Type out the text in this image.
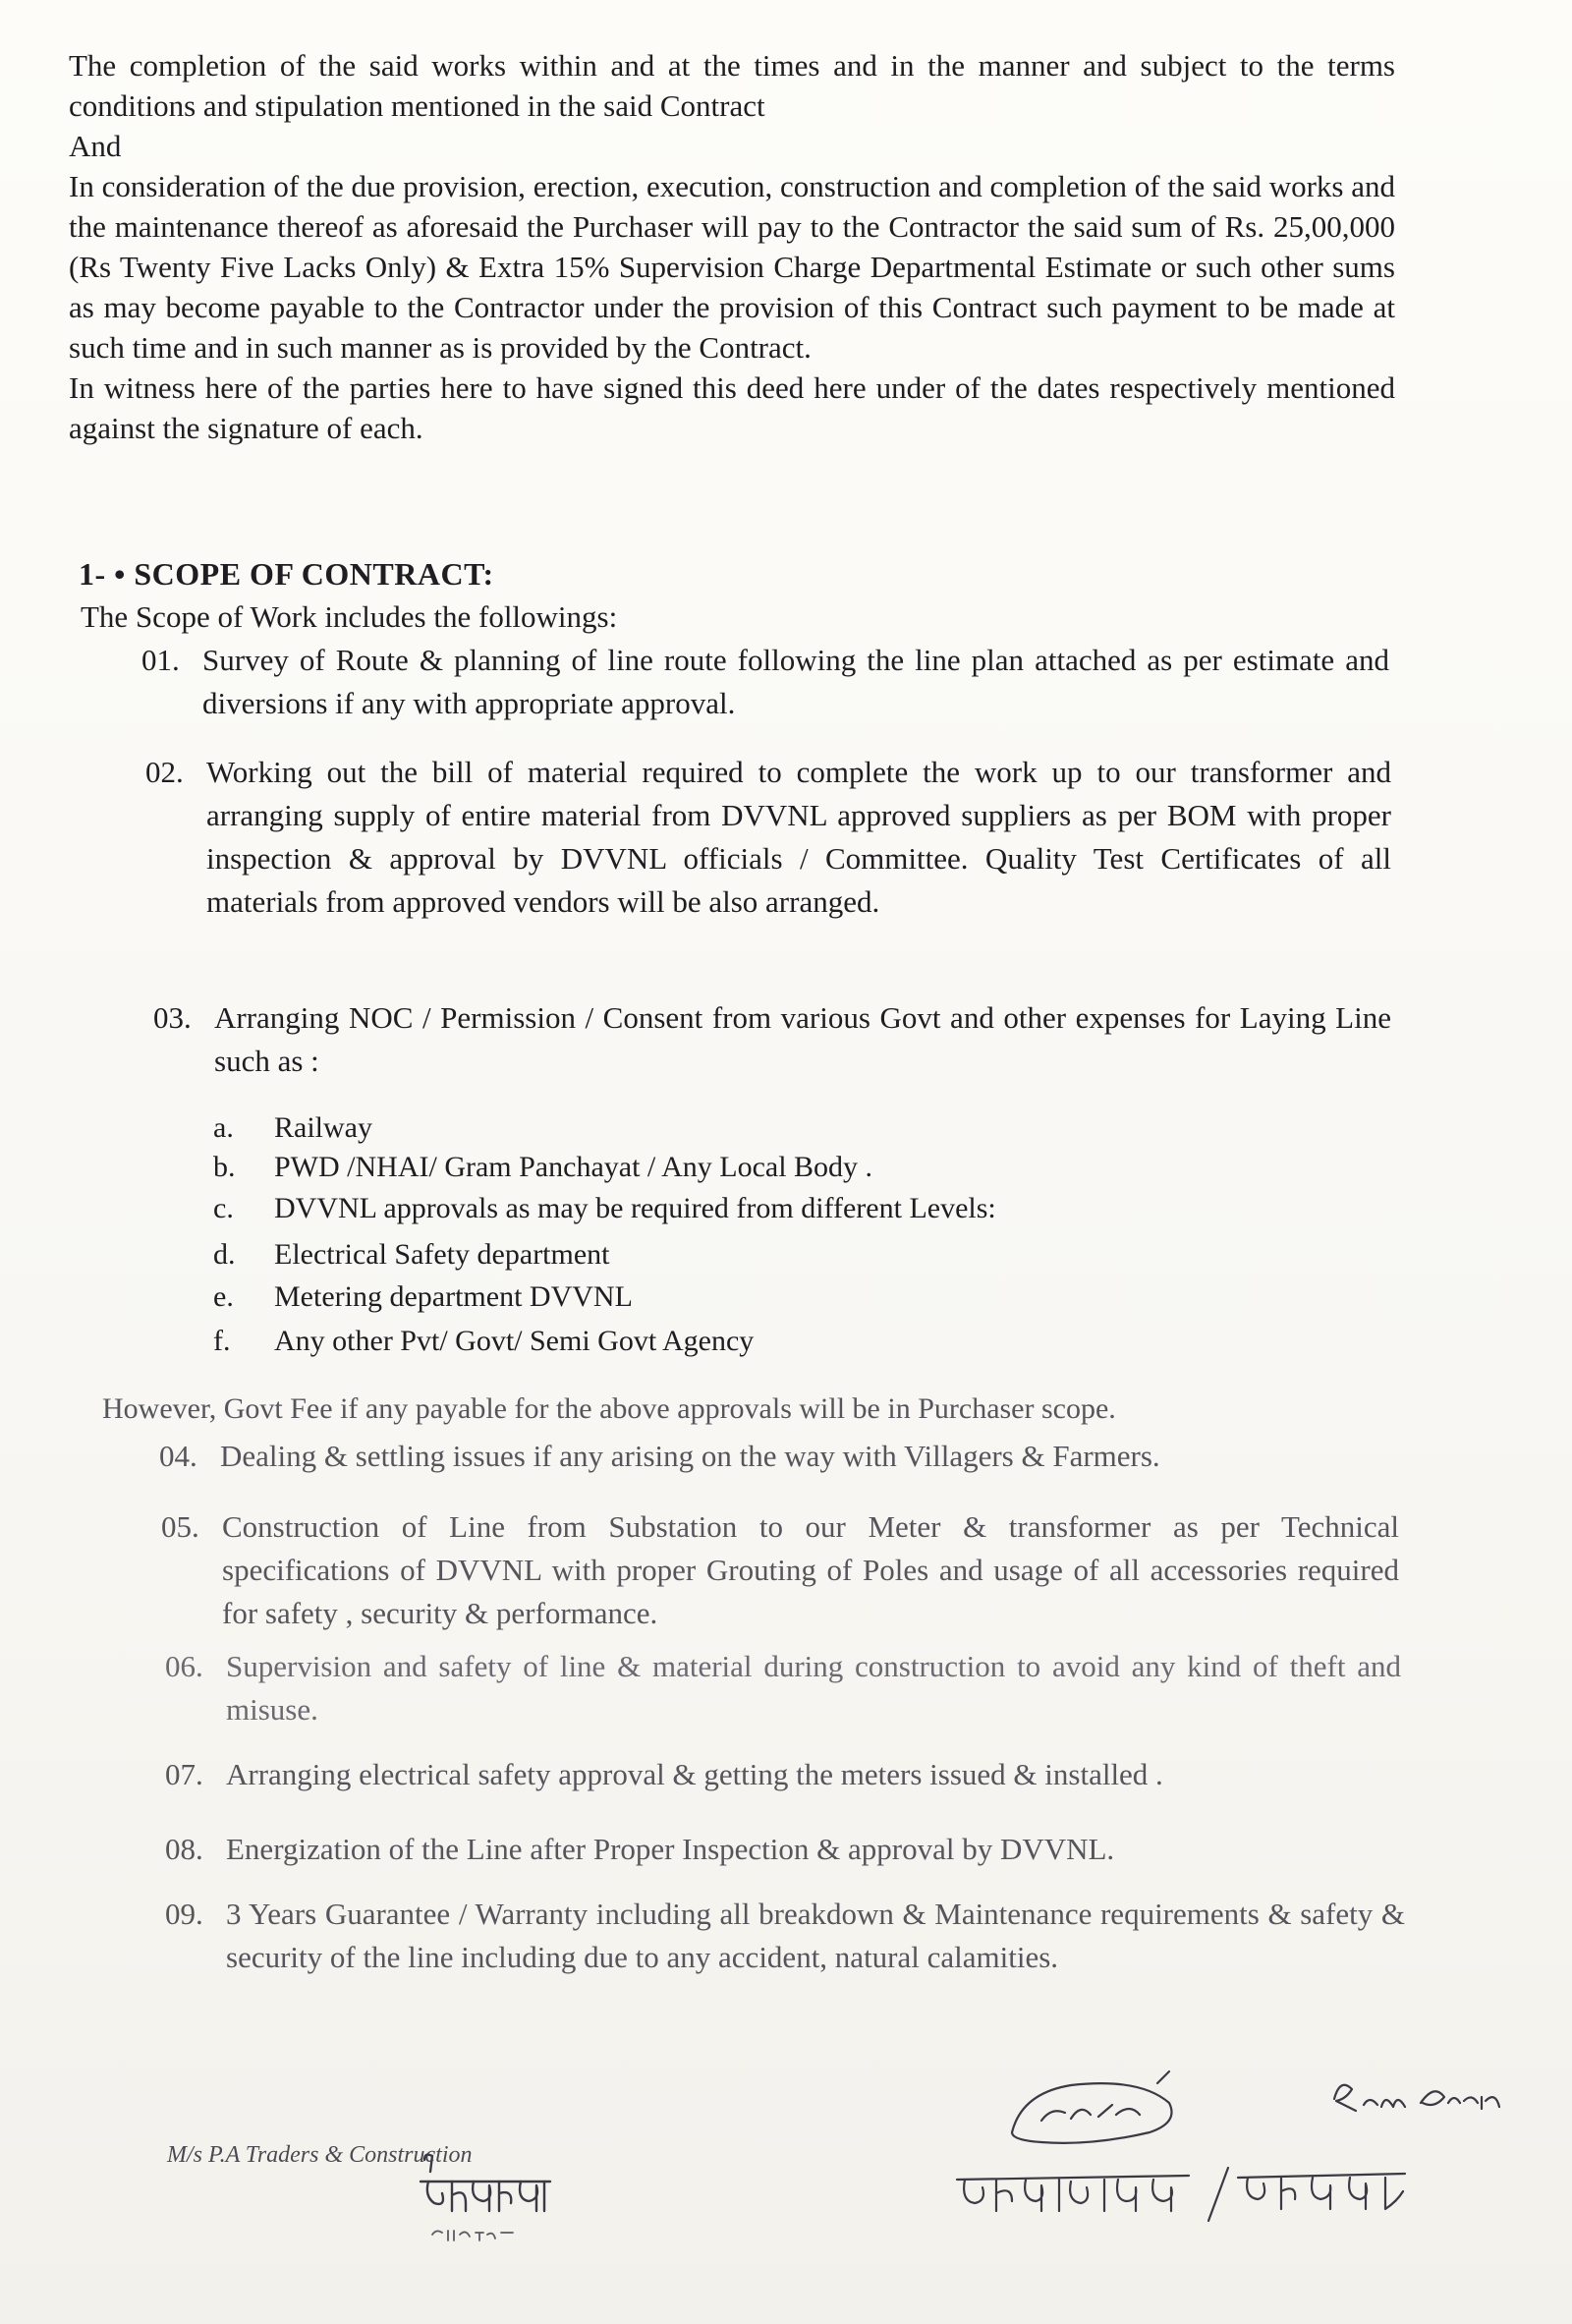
The completion of the said works within and at the times and in the manner and subject to the terms conditions and stipulation mentioned in the said Contract

And

In consideration of the due provision, erection, execution, construction and completion of the said works and the maintenance thereof as aforesaid the Purchaser will pay to the Contractor the said sum of Rs. 25,00,000 (Rs Twenty Five Lacks Only) & Extra 15% Supervision Charge Departmental Estimate or such other sums as may become payable to the Contractor under the provision of this Contract such payment to be made at such time and in such manner as is provided by the Contract.

In witness here of the parties here to have signed this deed here under of the dates respectively mentioned against the signature of each.

1- • SCOPE OF CONTRACT:
The Scope of Work includes the followings:
01. Survey of Route & planning of line route following the line plan attached as per estimate and diversions if any with appropriate approval.
02. Working out the bill of material required to complete the work up to our transformer and arranging supply of entire material from DVVNL approved suppliers as per BOM with proper inspection & approval by DVVNL officials / Committee. Quality Test Certificates of all materials from approved vendors will be also arranged.
03. Arranging NOC / Permission / Consent from various Govt and other expenses for Laying Line such as :
a. Railway
b. PWD /NHAI/ Gram Panchayat / Any Local Body .
c. DVVNL approvals as may be required from different Levels:
d. Electrical Safety department
e. Metering department DVVNL
f. Any other Pvt/ Govt/ Semi Govt Agency
However, Govt Fee if any payable for the above approvals will be in Purchaser scope.
04. Dealing & settling issues if any arising on the way with Villagers & Farmers.
05. Construction of Line from Substation to our Meter & transformer as per Technical specifications of DVVNL with proper Grouting of Poles and usage of all accessories required for safety , security & performance.
06. Supervision and safety of line & material during construction to avoid any kind of theft and misuse.
07. Arranging electrical safety approval & getting the meters issued & installed .
08. Energization of the Line after Proper Inspection & approval by DVVNL.
09. 3 Years Guarantee / Warranty including all breakdown & Maintenance requirements & safety & security of the line including due to any accident, natural calamities.
M/s P.A Traders & Construction
